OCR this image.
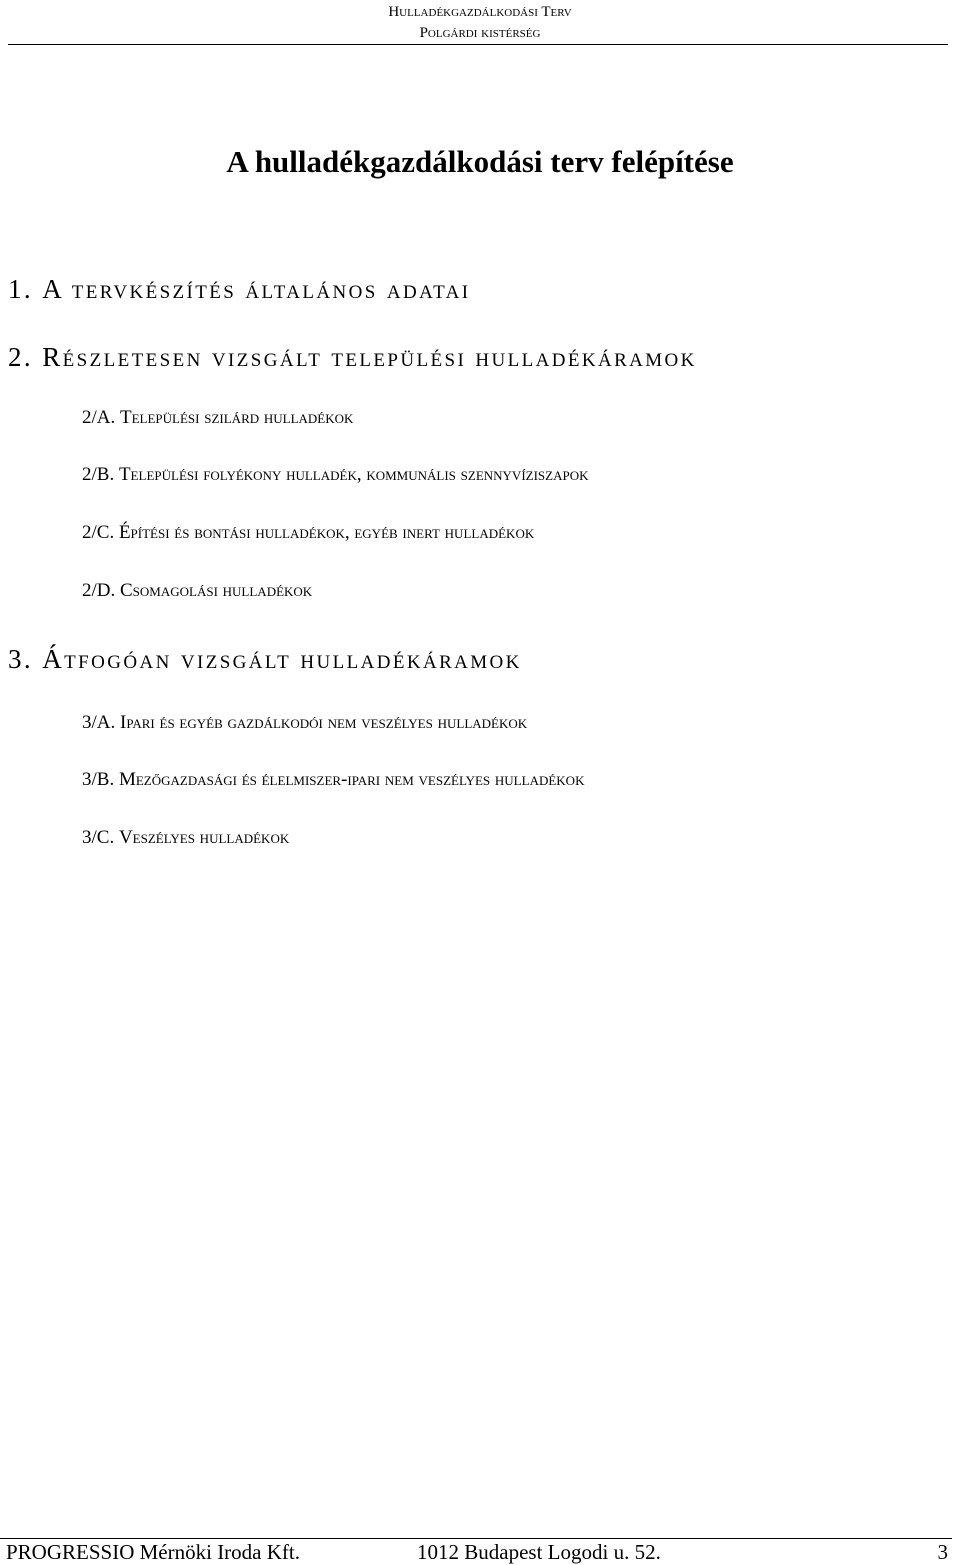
Hulladékgazdálkodási Terv
Polgárdi kistérség
A hulladékgazdálkodási terv felépítése
1. A tervkészítés általános adatai
2. Részletesen vizsgált települési hulladékáramok
2/A. Települési szilárd hulladékok
2/B. Települési folyékony hulladék, kommunális szennyvíziszapok
2/C. Építési és bontási hulladékok, egyéb inert hulladékok
2/D. Csomagolási hulladékok
3. Átfogóan vizsgált hulladékáramok
3/A. Ipari és egyéb gazdálkodói nem veszélyes hulladékok
3/B. Mezőgazdasági és élelmiszer-ipari nem veszélyes hulladékok
3/C. Veszélyes hulladékok
PROGRESSIO Mérnöki Iroda Kft.	1012 Budapest Logodi u. 52.	3
